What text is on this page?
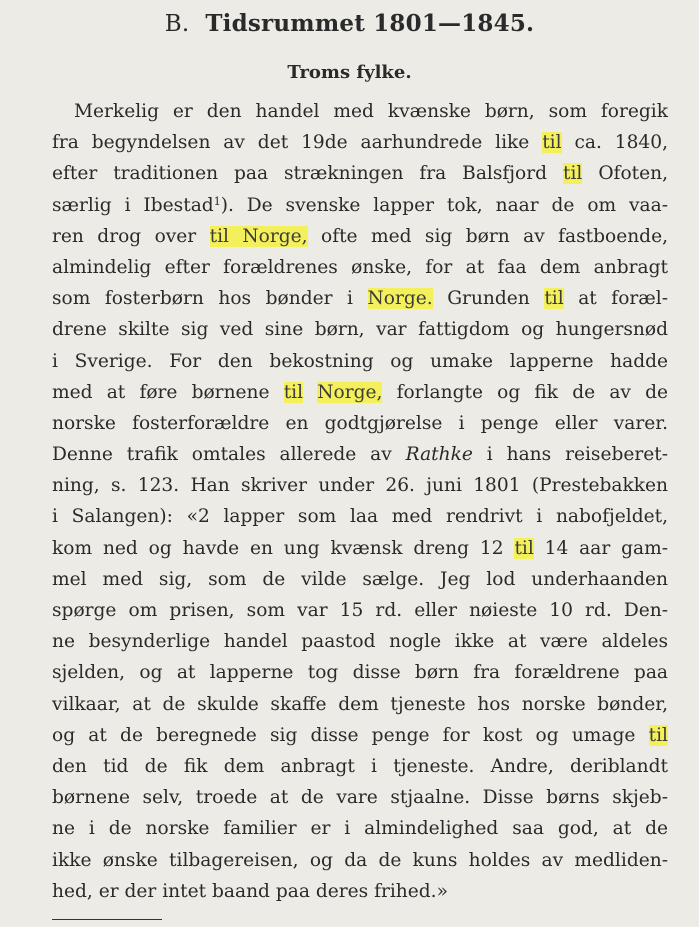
B. Tidsrummet 1801—1845.
Troms fylke.
Merkelig er den handel med kvænske børn, som foregik
fra begyndelsen av det 19de aarhundrede like til ca. 1840,
efter traditionen paa strækningen fra Balsfjord til Ofoten,
særlig i Ibestad$^1$). De svenske lapper tok, naar de om vaa-
ren drog over til Norge, ofte med sig børn av fastboende,
almindelig efter forældrenes ønske, for at faa dem anbragt
som fosterbørn hos bønder i Norge. Grunden til at foræl-
drene skilte sig ved sine børn, var fattigdom og hungersnød
i Sverige. For den bekostning og umake lapperne hadde
med at føre børnene til Norge, forlangte og fik de av de
norske fosterforældre en godtgjørelse i penge eller varer.
Denne trafik omtales allerede av Rathke i hans reiseberet-
ning, s. 123. Han skriver under 26. juni 1801 (Prestebakken
i Salangen): «2 lapper som laa med rendrivt i nabofjeldet,
kom ned og havde en ung kvænsk dreng 12 til 14 aar gam-
mel med sig, som de vilde sælge. Jeg lod underhaanden
spørge om prisen, som var 15 rd. eller nøieste 10 rd. Den-
ne besynderlige handel paastod nogle ikke at være aldeles
sjelden, og at lapperne tog disse børn fra forældrene paa
vilkaar, at de skulde skaffe dem tjeneste hos norske bønder,
og at de beregnede sig disse penge for kost og umage til
den tid de fik dem anbragt i tjeneste. Andre, deriblandt
børnene selv, troede at de vare stjaalne. Disse børns skjeb-
ne i de norske familier er i almindelighed saa god, at de
ikke ønske tilbagereisen, og da de kuns holdes av medliden-
hed, er der intet baand paa deres frihed.»
